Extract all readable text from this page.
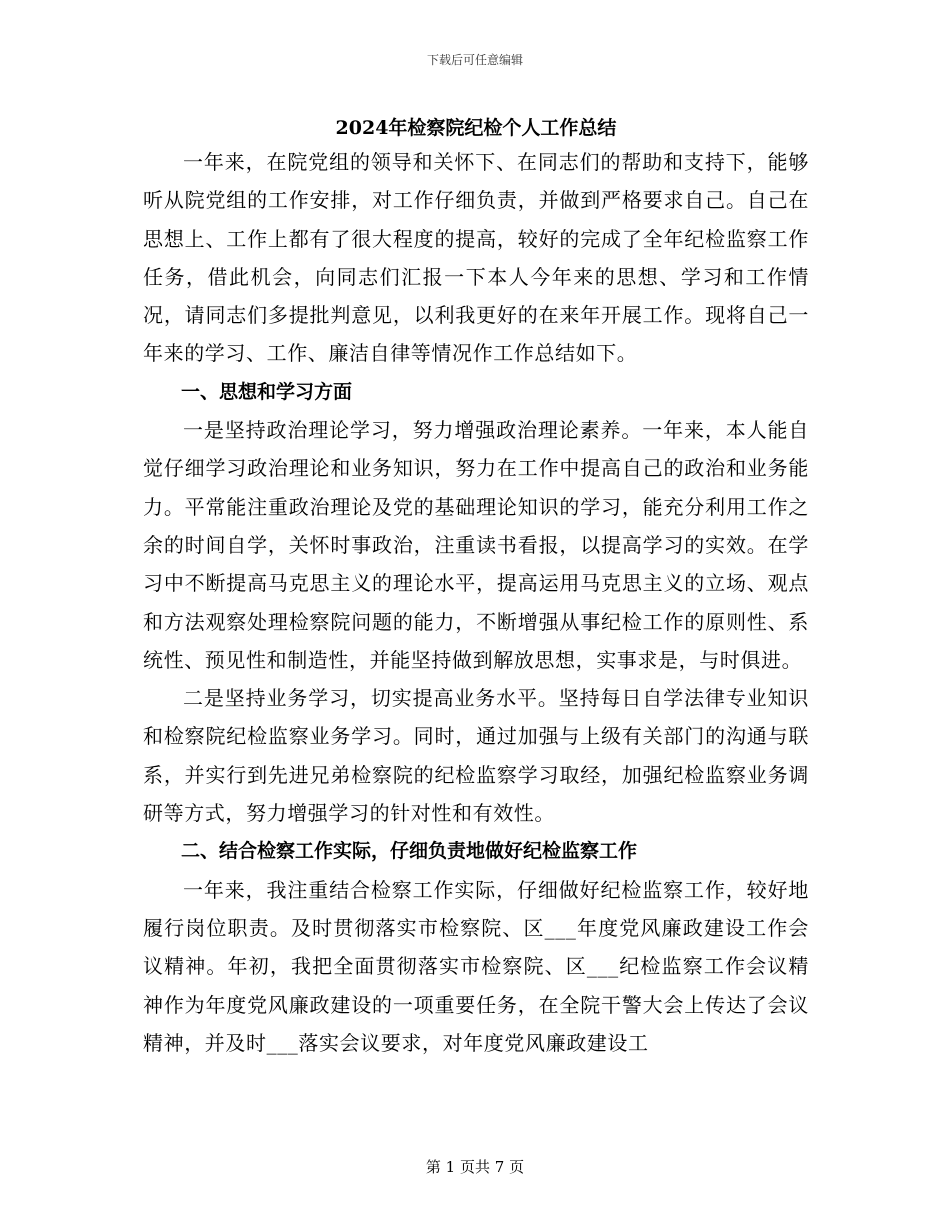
下载后可任意编辑
2024年检察院纪检个人工作总结

一年来，在院党组的领导和关怀下、在同志们的帮助和支持下，能够听从院党组的工作安排，对工作仔细负责，并做到严格要求自己。自己在思想上、工作上都有了很大程度的提高，较好的完成了全年纪检监察工作任务，借此机会，向同志们汇报一下本人今年来的思想、学习和工作情况，请同志们多提批判意见，以利我更好的在来年开展工作。现将自己一年来的学习、工作、廉洁自律等情况作工作总结如下。

一、思想和学习方面

一是坚持政治理论学习，努力增强政治理论素养。一年来，本人能自觉仔细学习政治理论和业务知识，努力在工作中提高自己的政治和业务能力。平常能注重政治理论及党的基础理论知识的学习，能充分利用工作之余的时间自学，关怀时事政治，注重读书看报，以提高学习的实效。在学习中不断提高马克思主义的理论水平，提高运用马克思主义的立场、观点和方法观察处理检察院问题的能力，不断增强从事纪检工作的原则性、系统性、预见性和制造性，并能坚持做到解放思想，实事求是，与时俱进。

二是坚持业务学习，切实提高业务水平。坚持每日自学法律专业知识和检察院纪检监察业务学习。同时，通过加强与上级有关部门的沟通与联系，并实行到先进兄弟检察院的纪检监察学习取经，加强纪检监察业务调研等方式，努力增强学习的针对性和有效性。

二、结合检察工作实际，仔细负责地做好纪检监察工作

一年来，我注重结合检察工作实际，仔细做好纪检监察工作，较好地履行岗位职责。及时贯彻落实市检察院、区___年度党风廉政建设工作会议精神。年初，我把全面贯彻落实市检察院、区___纪检监察工作会议精神作为年度党风廉政建设的一项重要任务，在全院干警大会上传达了会议精神，并及时___落实会议要求，对年度党风廉政建设工

第 1 页共 7 页
